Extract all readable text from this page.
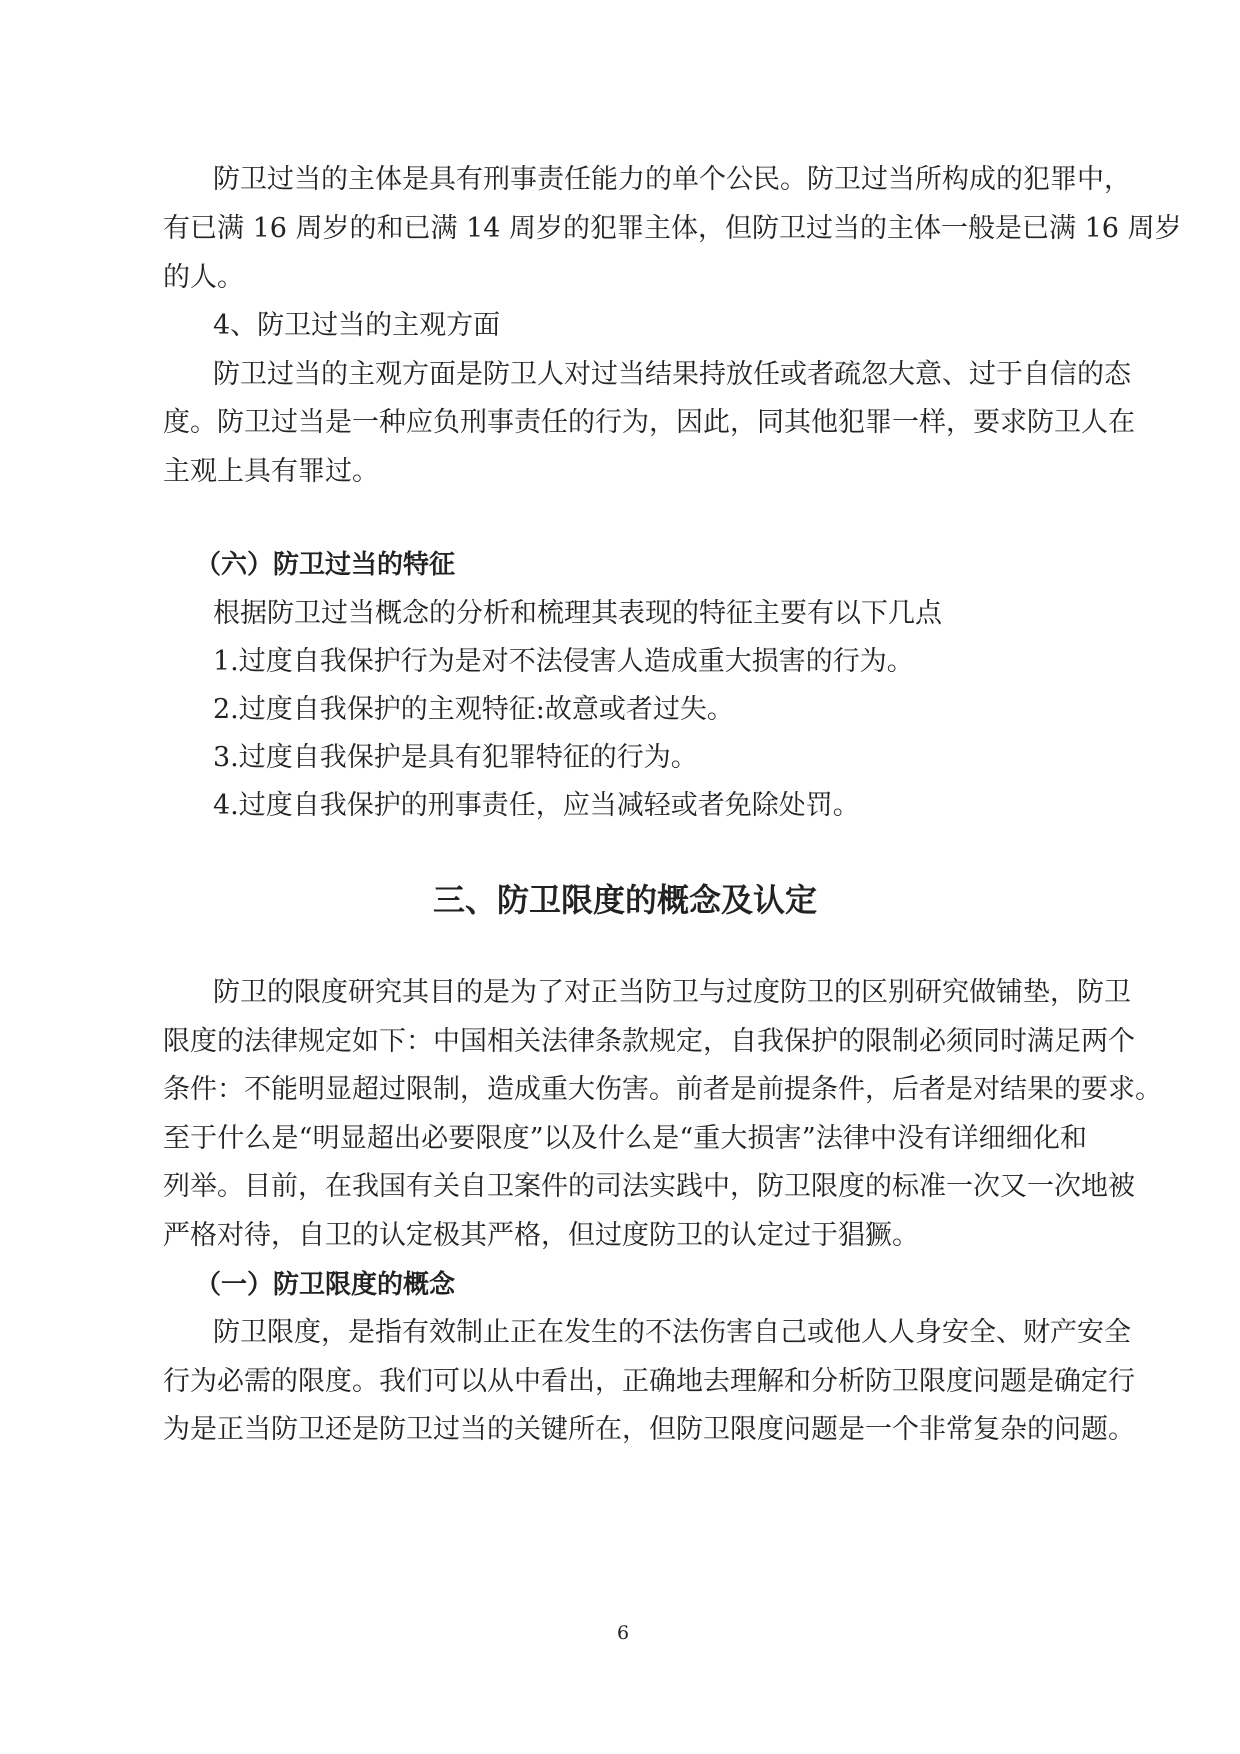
防卫过当的主体是具有刑事责任能力的单个公民。防卫过当所构成的犯罪中，
有已满 16 周岁的和已满 14 周岁的犯罪主体，但防卫过当的主体一般是已满 16 周岁
的人。
4、防卫过当的主观方面
防卫过当的主观方面是防卫人对过当结果持放任或者疏忽大意、过于自信的态
度。防卫过当是一种应负刑事责任的行为，因此，同其他犯罪一样，要求防卫人在
主观上具有罪过。
（六）防卫过当的特征
根据防卫过当概念的分析和梳理其表现的特征主要有以下几点
1.过度自我保护行为是对不法侵害人造成重大损害的行为。
2.过度自我保护的主观特征:故意或者过失。
3.过度自我保护是具有犯罪特征的行为。
4.过度自我保护的刑事责任，应当减轻或者免除处罚。
三、防卫限度的概念及认定
防卫的限度研究其目的是为了对正当防卫与过度防卫的区别研究做铺垫，防卫
限度的法律规定如下：中国相关法律条款规定，自我保护的限制必须同时满足两个
条件：不能明显超过限制，造成重大伤害。前者是前提条件，后者是对结果的要求。
至于什么是“明显超出必要限度”以及什么是“重大损害”法律中没有详细细化和
列举。目前，在我国有关自卫案件的司法实践中，防卫限度的标准一次又一次地被
严格对待，自卫的认定极其严格，但过度防卫的认定过于猖獗。
（一）防卫限度的概念
防卫限度，是指有效制止正在发生的不法伤害自己或他人人身安全、财产安全
行为必需的限度。我们可以从中看出，正确地去理解和分析防卫限度问题是确定行
为是正当防卫还是防卫过当的关键所在，但防卫限度问题是一个非常复杂的问题。
6
